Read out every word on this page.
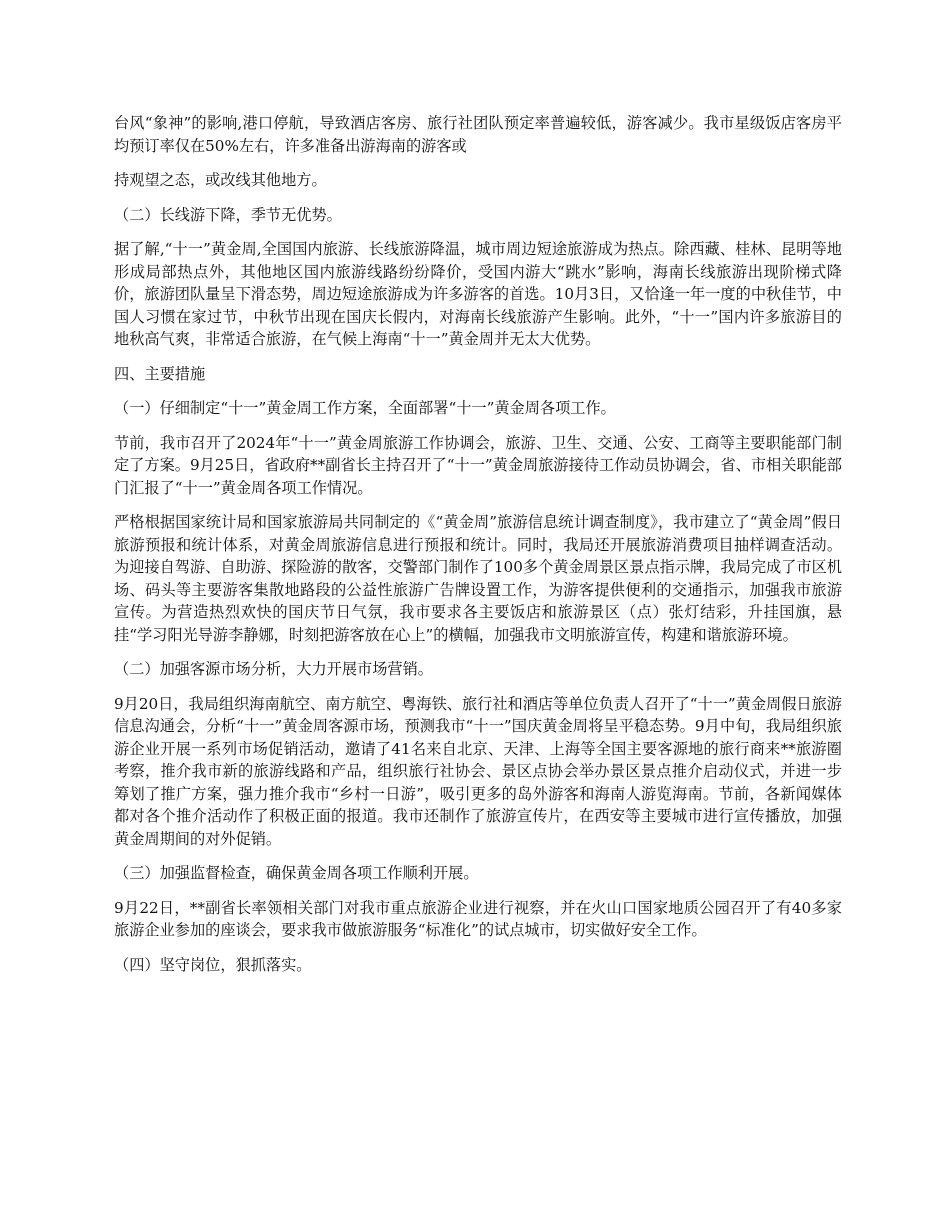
台风“象神”的影响,港口停航，导致酒店客房、旅行社团队预定率普遍较低，游客减少。我市星级饭店客房平均预订率仅在50%左右，许多准备出游海南的游客或

持观望之态，或改线其他地方。

（二）长线游下降，季节无优势。

据了解,“十一”黄金周,全国国内旅游、长线旅游降温，城市周边短途旅游成为热点。除西藏、桂林、昆明等地形成局部热点外，其他地区国内旅游线路纷纷降价，受国内游大“跳水”影响，海南长线旅游出现阶梯式降价，旅游团队量呈下滑态势，周边短途旅游成为许多游客的首选。10月3日，又恰逢一年一度的中秋佳节，中国人习惯在家过节，中秋节出现在国庆长假内，对海南长线旅游产生影响。此外，“十一”国内许多旅游目的地秋高气爽，非常适合旅游，在气候上海南“十一”黄金周并无太大优势。

四、主要措施

（一）仔细制定“十一”黄金周工作方案，全面部署“十一”黄金周各项工作。

节前，我市召开了2024年“十一”黄金周旅游工作协调会，旅游、卫生、交通、公安、工商等主要职能部门制定了方案。9月25日，省政府**副省长主持召开了“十一”黄金周旅游接待工作动员协调会，省、市相关职能部门汇报了“十一”黄金周各项工作情况。

严格根据国家统计局和国家旅游局共同制定的《“黄金周”旅游信息统计调查制度》，我市建立了“黄金周”假日旅游预报和统计体系，对黄金周旅游信息进行预报和统计。同时，我局还开展旅游消费项目抽样调查活动。为迎接自驾游、自助游、探险游的散客，交警部门制作了100多个黄金周景区景点指示牌，我局完成了市区机场、码头等主要游客集散地路段的公益性旅游广告牌设置工作，为游客提供便利的交通指示，加强我市旅游宣传。为营造热烈欢快的国庆节日气氛，我市要求各主要饭店和旅游景区（点）张灯结彩，升挂国旗，悬挂“学习阳光导游李静娜，时刻把游客放在心上”的横幅，加强我市文明旅游宣传，构建和谐旅游环境。

（二）加强客源市场分析，大力开展市场营销。

9月20日，我局组织海南航空、南方航空、粤海铁、旅行社和酒店等单位负责人召开了“十一”黄金周假日旅游信息沟通会，分析“十一”黄金周客源市场，预测我市“十一”国庆黄金周将呈平稳态势。9月中旬，我局组织旅游企业开展一系列市场促销活动，邀请了41名来自北京、天津、上海等全国主要客源地的旅行商来**旅游圈考察，推介我市新的旅游线路和产品，组织旅行社协会、景区点协会举办景区景点推介启动仪式，并进一步筹划了推广方案，强力推介我市“乡村一日游”，吸引更多的岛外游客和海南人游览海南。节前，各新闻媒体都对各个推介活动作了积极正面的报道。我市还制作了旅游宣传片，在西安等主要城市进行宣传播放，加强黄金周期间的对外促销。

（三）加强监督检查，确保黄金周各项工作顺利开展。

9月22日，**副省长率领相关部门对我市重点旅游企业进行视察，并在火山口国家地质公园召开了有40多家旅游企业参加的座谈会，要求我市做旅游服务“标准化”的试点城市，切实做好安全工作。

（四）坚守岗位，狠抓落实。
